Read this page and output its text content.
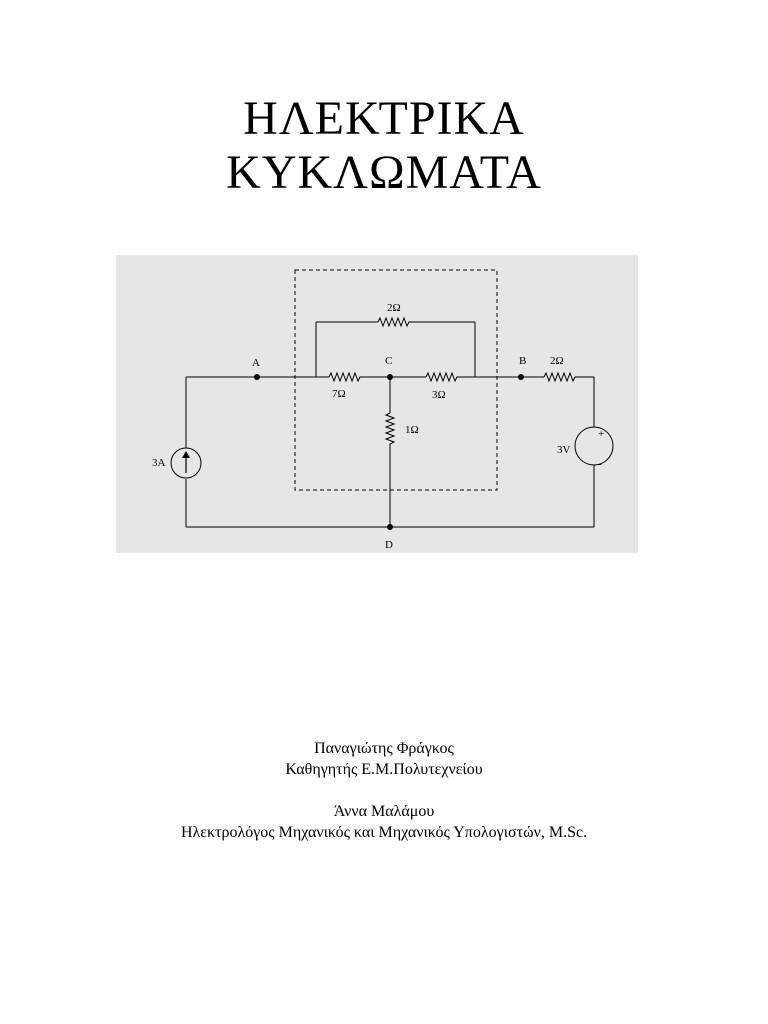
ΗΛΕΚΤΡΙΚΑ
ΚΥΚΛΩΜΑΤΑ
A	C	B
D
2Ω
7Ω	3Ω
1Ω
2Ω
3A
3V
+
-
Παναγιώτης Φράγκος
Καθηγητής Ε.Μ.Πολυτεχνείου
Άννα Μαλάμου
Ηλεκτρολόγος Μηχανικός και Μηχανικός Υπολογιστών, M.Sc.
